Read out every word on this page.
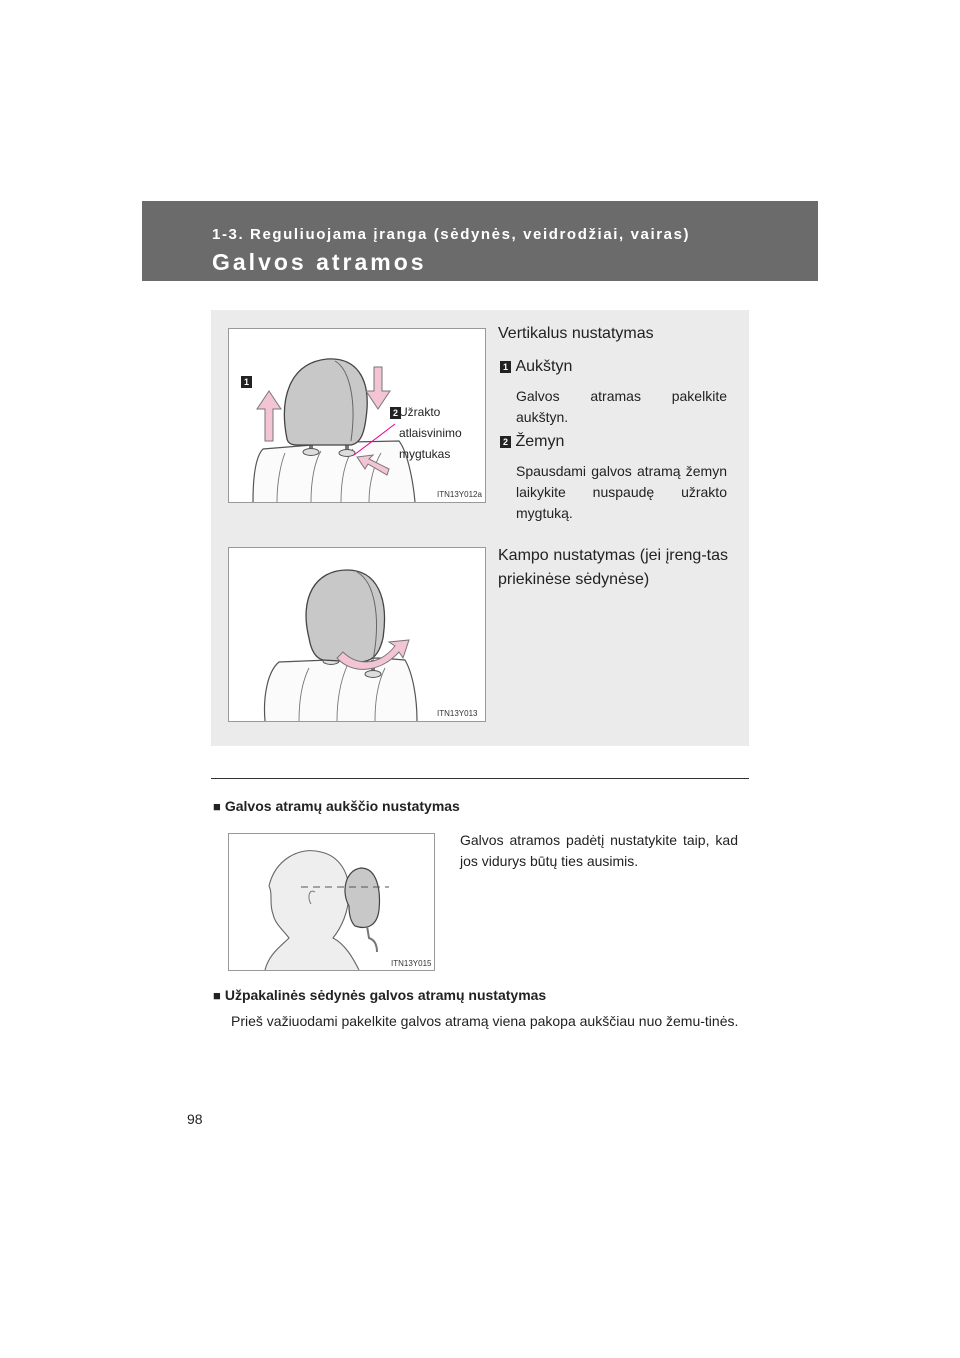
1-3. Reguliuojama įranga (sėdynės, veidrodžiai, vairas)
Galvos atramos
1
2 Užrakto
atlaisvinimo
mygtukas
ITN13Y012a
Vertikalus nustatymas
1 Aukštyn
Galvos atramas pakelkite aukštyn.
2 Žemyn
Spausdami galvos atramą žemyn laikykite nuspaudę užrakto mygtuką.
ITN13Y013
Kampo nustatymas (jei įreng-tas priekinėse sėdynėse)
■ Galvos atramų aukščio nustatymas
Galvos atramos padėtį nustatykite taip, kad jos vidurys būtų ties ausimis.
ITN13Y015
■ Užpakalinės sėdynės galvos atramų nustatymas
Prieš važiuodami pakelkite galvos atramą viena pakopa aukščiau nuo žemu-tinės.
98
